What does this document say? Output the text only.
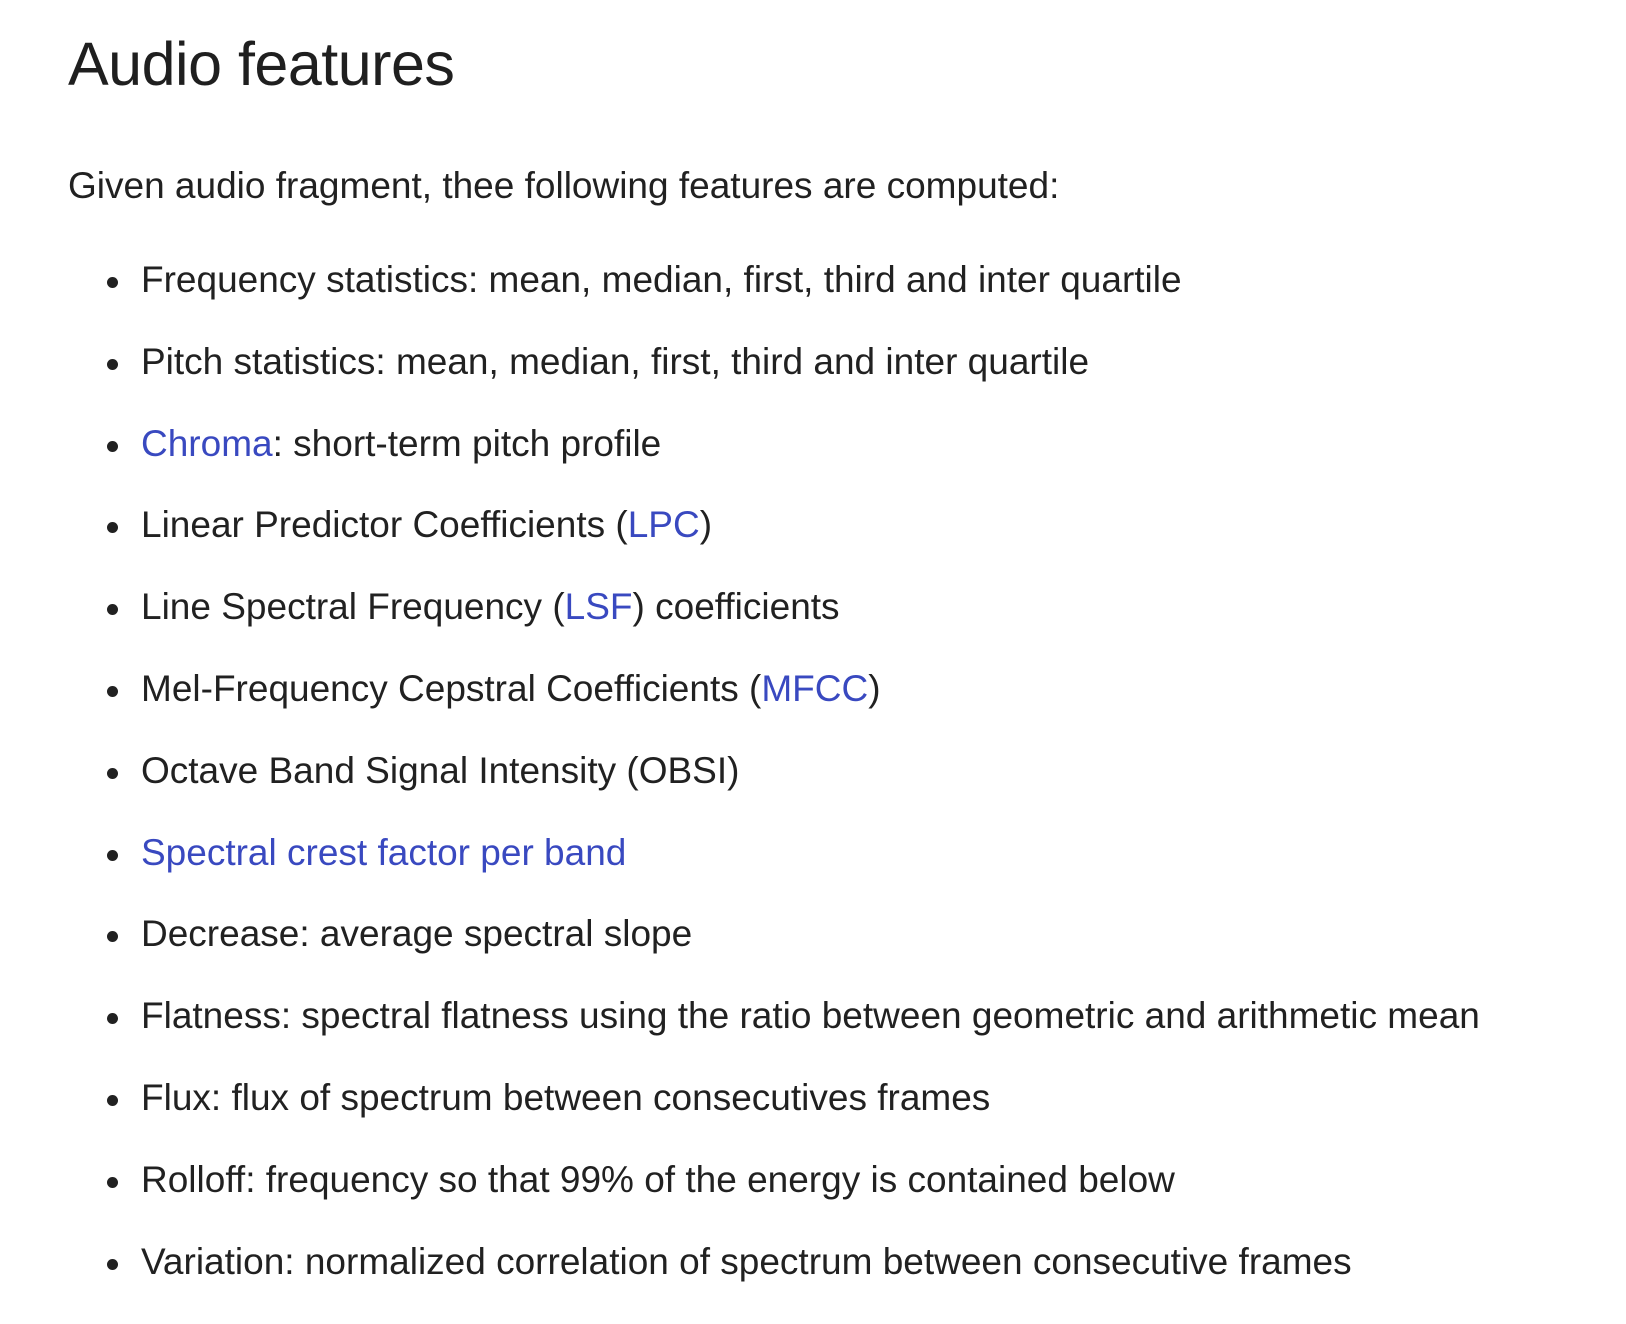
Audio features

Given audio fragment, thee following features are computed:

Frequency statistics: mean, median, first, third and inter quartile
Pitch statistics: mean, median, first, third and inter quartile
Chroma: short-term pitch profile
Linear Predictor Coefficients (LPC)
Line Spectral Frequency (LSF) coefficients
Mel-Frequency Cepstral Coefficients (MFCC)
Octave Band Signal Intensity (OBSI)
Spectral crest factor per band
Decrease: average spectral slope
Flatness: spectral flatness using the ratio between geometric and arithmetic mean
Flux: flux of spectrum between consecutives frames
Rolloff: frequency so that 99% of the energy is contained below
Variation: normalized correlation of spectrum between consecutive frames
